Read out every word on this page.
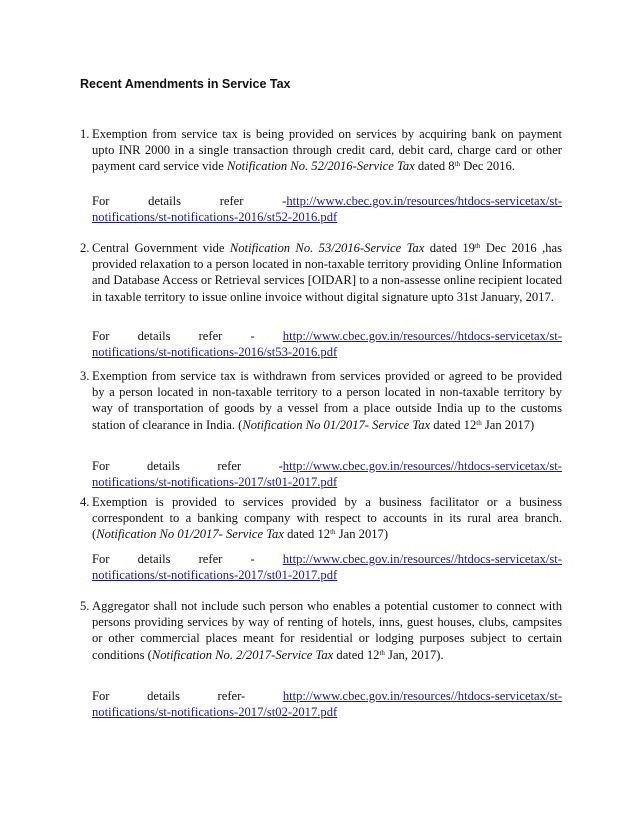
Recent Amendments in Service Tax
1. Exemption from service tax is being provided on services by acquiring bank on payment upto INR 2000 in a single transaction through credit card, debit card, charge card or other payment card service vide Notification No. 52/2016-Service Tax dated 8th Dec 2016.

For	details	refer	-http://www.cbec.gov.in/resources/htdocs-servicetax/st-
notifications/st-notifications-2016/st52-2016.pdf
2. Central Government vide Notification No. 53/2016-Service Tax dated 19th Dec 2016 ,has provided relaxation to a person located in non-taxable territory providing Online Information and Database Access or Retrieval services [OIDAR] to a non-assesse online recipient located in taxable territory to issue online invoice without digital signature upto 31st January, 2017.

For details refer - http://www.cbec.gov.in/resources//htdocs-servicetax/st-
notifications/st-notifications-2016/st53-2016.pdf
3. Exemption from service tax is withdrawn from services provided or agreed to be provided by a person located in non-taxable territory to a person located in non-taxable territory by way of transportation of goods by a vessel from a place outside India up to the customs station of clearance in India. (Notification No 01/2017- Service Tax dated 12th Jan 2017)

For	details	refer	-http://www.cbec.gov.in/resources//htdocs-servicetax/st-
notifications/st-notifications-2017/st01-2017.pdf
4. Exemption is provided to services provided by a business facilitator or a business correspondent to a banking company with respect to accounts in its rural area branch. (Notification No 01/2017- Service Tax dated 12th Jan 2017)

For details refer - http://www.cbec.gov.in/resources//htdocs-servicetax/st-
notifications/st-notifications-2017/st01-2017.pdf
5. Aggregator shall not include such person who enables a potential customer to connect with persons providing services by way of renting of hotels, inns, guest houses, clubs, campsites or other commercial places meant for residential or lodging purposes subject to certain conditions (Notification No. 2/2017-Service Tax dated 12th Jan, 2017).

For	details	refer-	http://www.cbec.gov.in/resources//htdocs-servicetax/st-
notifications/st-notifications-2017/st02-2017.pdf
